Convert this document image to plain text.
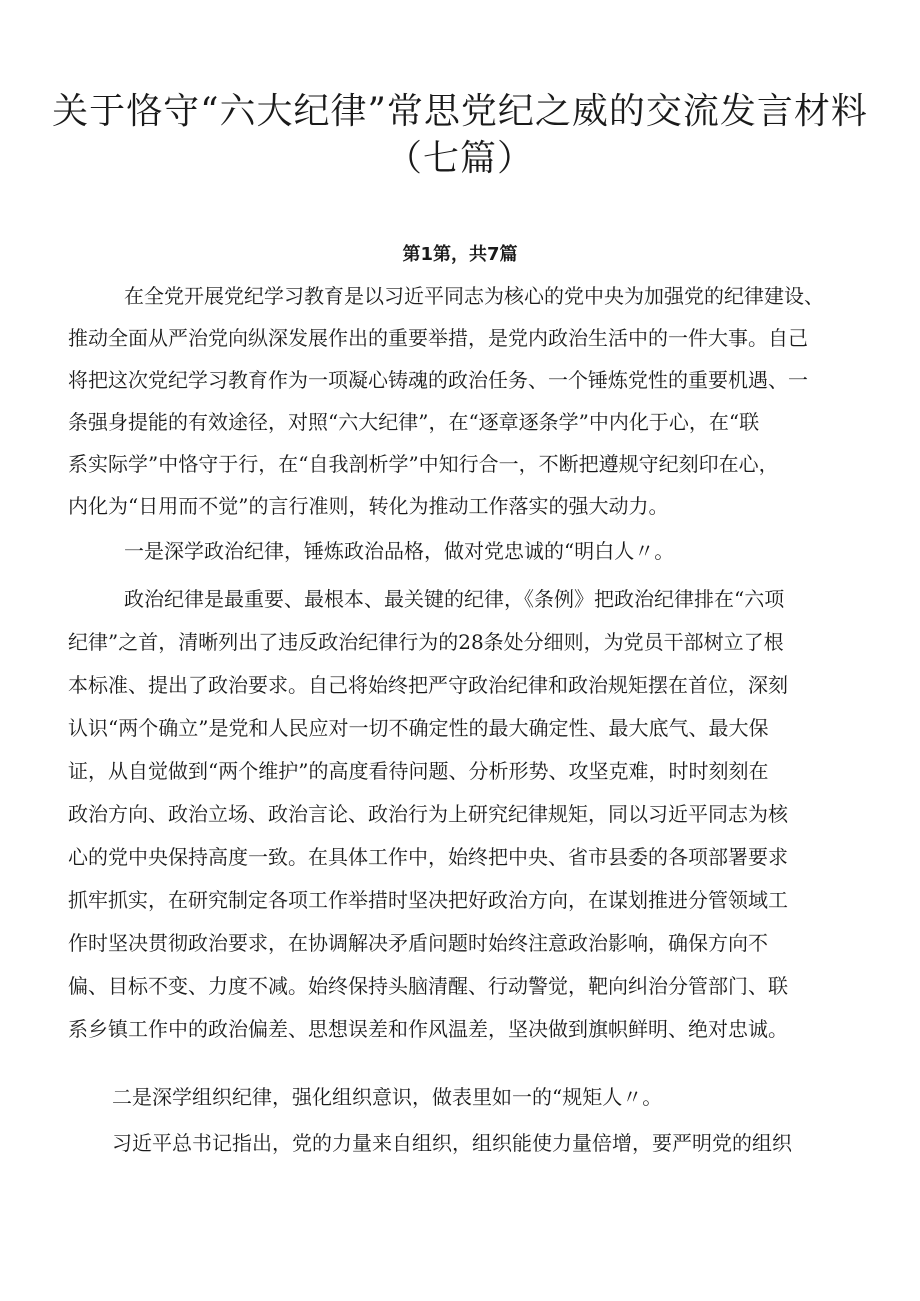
关于恪守“六大纪律”常思党纪之威的交流发言材料
（七篇）
第1第，共7篇
在全党开展党纪学习教育是以习近平同志为核心的党中央为加强党的纪律建设、
推动全面从严治党向纵深发展作出的重要举措，是党内政治生活中的一件大事。自己
将把这次党纪学习教育作为一项凝心铸魂的政治任务、一个锤炼党性的重要机遇、一
条强身提能的有效途径，对照“六大纪律”，在“逐章逐条学”中内化于心，在“联
系实际学”中恪守于行，在“自我剖析学”中知行合一，不断把遵规守纪刻印在心，
内化为“日用而不觉”的言行准则，转化为推动工作落实的强大动力。
一是深学政治纪律，锤炼政治品格，做对党忠诚的“明白人〃。
政治纪律是最重要、最根本、最关键的纪律，《条例》把政治纪律排在“六项
纪律”之首，清晰列出了违反政治纪律行为的28条处分细则，为党员干部树立了根
本标准、提出了政治要求。自己将始终把严守政治纪律和政治规矩摆在首位，深刻
认识“两个确立”是党和人民应对一切不确定性的最大确定性、最大底气、最大保
证，从自觉做到“两个维护”的高度看待问题、分析形势、攻坚克难，时时刻刻在
政治方向、政治立场、政治言论、政治行为上研究纪律规矩，同以习近平同志为核
心的党中央保持高度一致。在具体工作中，始终把中央、省市县委的各项部署要求
抓牢抓实，在研究制定各项工作举措时坚决把好政治方向，在谋划推进分管领域工
作时坚决贯彻政治要求，在协调解决矛盾问题时始终注意政治影响，确保方向不
偏、目标不变、力度不减。始终保持头脑清醒、行动警觉，靶向纠治分管部门、联
系乡镇工作中的政治偏差、思想误差和作风温差，坚决做到旗帜鲜明、绝对忠诚。
二是深学组织纪律，强化组织意识，做表里如一的“规矩人〃。
习近平总书记指出，党的力量来自组织，组织能使力量倍增，要严明党的组织
